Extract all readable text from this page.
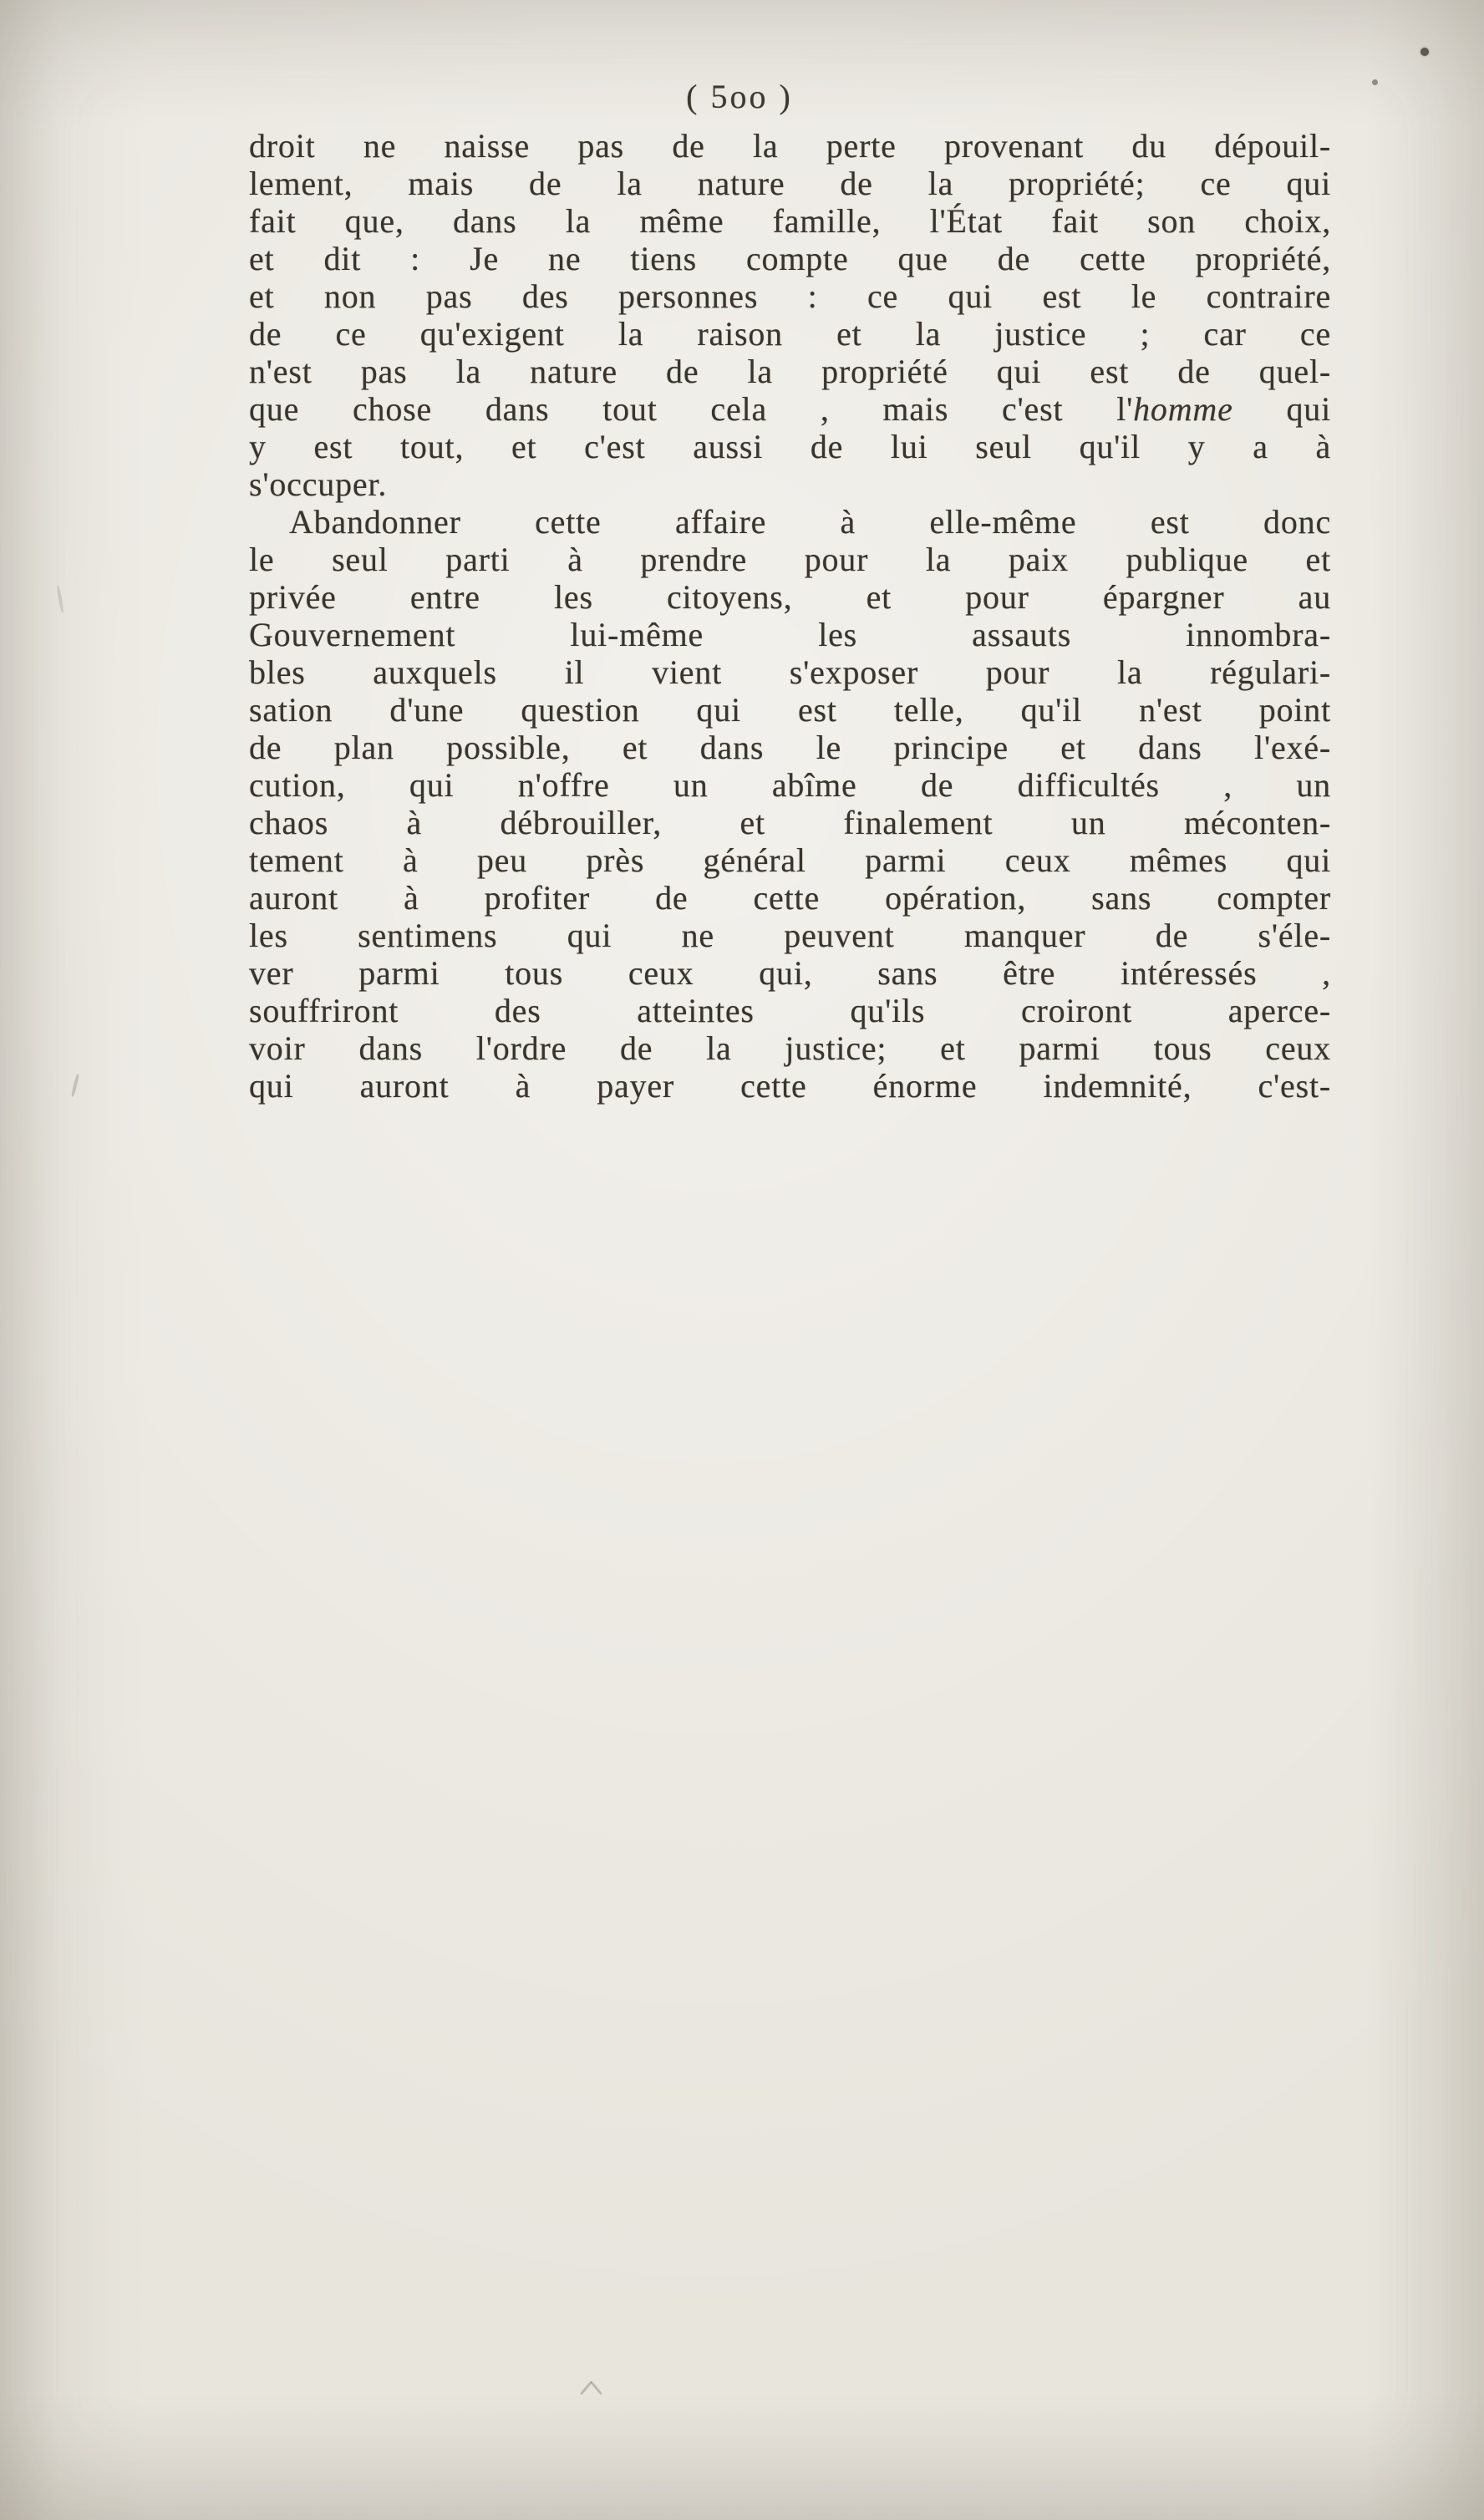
( 5oo )
droit ne naisse pas de la perte provenant du dépouil-
lement, mais de la nature de la propriété; ce qui
fait que, dans la même famille, l'État fait son choix,
et dit : Je ne tiens compte que de cette propriété,
et non pas des personnes : ce qui est le contraire
de ce qu'exigent la raison et la justice ; car ce
n'est pas la nature de la propriété qui est de quel-
que chose dans tout cela , mais c'est l'homme qui
y est tout, et c'est aussi de lui seul qu'il y a à
s'occuper.
Abandonner cette affaire à elle-même est donc
le seul parti à prendre pour la paix publique et
privée entre les citoyens, et pour épargner au
Gouvernement lui-même les assauts innombra-
bles auxquels il vient s'exposer pour la régulari-
sation d'une question qui est telle, qu'il n'est point
de plan possible, et dans le principe et dans l'exé-
cution, qui n'offre un abîme de difficultés , un
chaos à débrouiller, et finalement un méconten-
tement à peu près général parmi ceux mêmes qui
auront à profiter de cette opération, sans compter
les sentimens qui ne peuvent manquer de s'éle-
ver parmi tous ceux qui, sans être intéressés ,
souffriront des atteintes qu'ils croiront aperce-
voir dans l'ordre de la justice; et parmi tous ceux
qui auront à payer cette énorme indemnité, c'est-
